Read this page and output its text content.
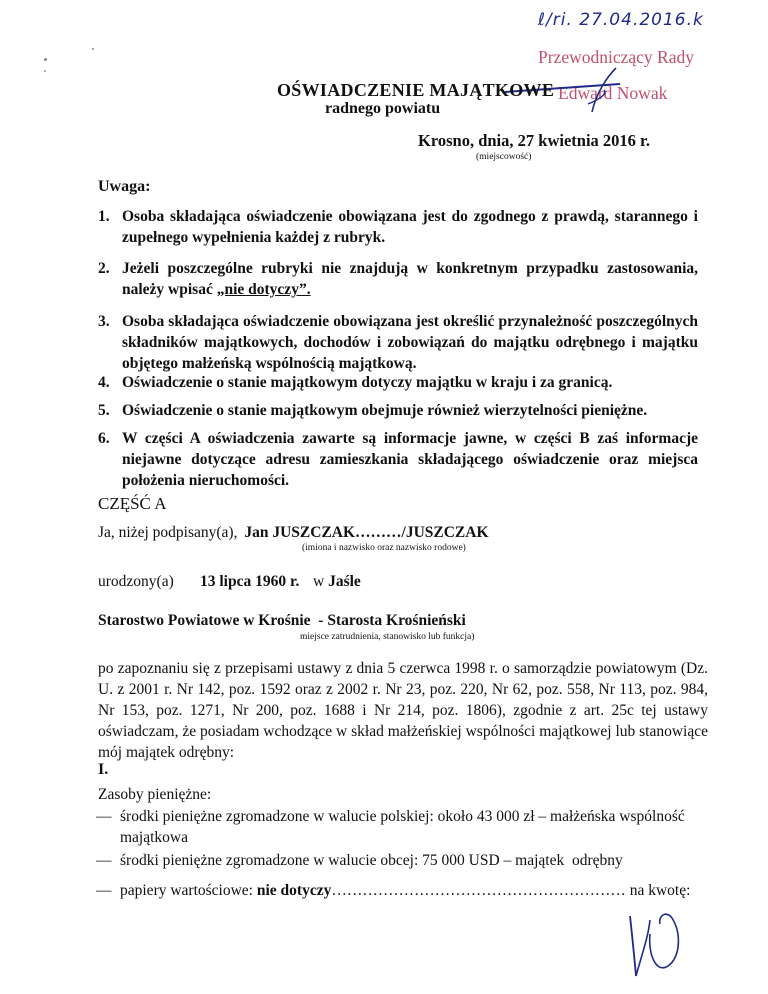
ℓ/ri. 27.04.2016.k
Przewodniczący Rady
Edward Nowak
OŚWIADCZENIE MAJĄTKOWE
radnego powiatu
Krosno, dnia, 27 kwietnia 2016 r.
(miejscowość)
Uwaga:
1. Osoba składająca oświadczenie obowiązana jest do zgodnego z prawdą, starannego i zupełnego wypełnienia każdej z rubryk.
2. Jeżeli poszczególne rubryki nie znajdują w konkretnym przypadku zastosowania, należy wpisać „nie dotyczy”.
3. Osoba składająca oświadczenie obowiązana jest określić przynależność poszczególnych składników majątkowych, dochodów i zobowiązań do majątku odrębnego i majątku objętego małżeńską wspólnością majątkową.
4. Oświadczenie o stanie majątkowym dotyczy majątku w kraju i za granicą.
5. Oświadczenie o stanie majątkowym obejmuje również wierzytelności pieniężne.
6. W części A oświadczenia zawarte są informacje jawne, w części B zaś informacje niejawne dotyczące adresu zamieszkania składającego oświadczenie oraz miejsca położenia nieruchomości.
CZĘŚĆ A
Ja, niżej podpisany(a), Jan JUSZCZAK………/JUSZCZAK
(imiona i nazwisko oraz nazwisko rodowe)
urodzony(a) 13 lipca 1960 r. w Jaśle
Starostwo Powiatowe w Krośnie  - Starosta Krośnieński
miejsce zatrudnienia, stanowisko lub funkcja)
po zapoznaniu się z przepisami ustawy z dnia 5 czerwca 1998 r. o samorządzie powiatowym (Dz. U. z 2001 r. Nr 142, poz. 1592 oraz z 2002 r. Nr 23, poz. 220, Nr 62, poz. 558, Nr 113, poz. 984, Nr 153, poz. 1271, Nr 200, poz. 1688 i Nr 214, poz. 1806), zgodnie z art. 25c tej ustawy oświadczam, że posiadam wchodzące w skład małżeńskiej wspólności majątkowej lub stanowiące mój majątek odrębny:
I.
Zasoby pieniężne:
— środki pieniężne zgromadzone w walucie polskiej: około 43 000 zł – małżeńska wspólność majątkowa
— środki pieniężne zgromadzone w walucie obcej: 75 000 USD – majątek  odrębny
— papiery wartościowe: nie dotyczy………………………………………………… na kwotę:
